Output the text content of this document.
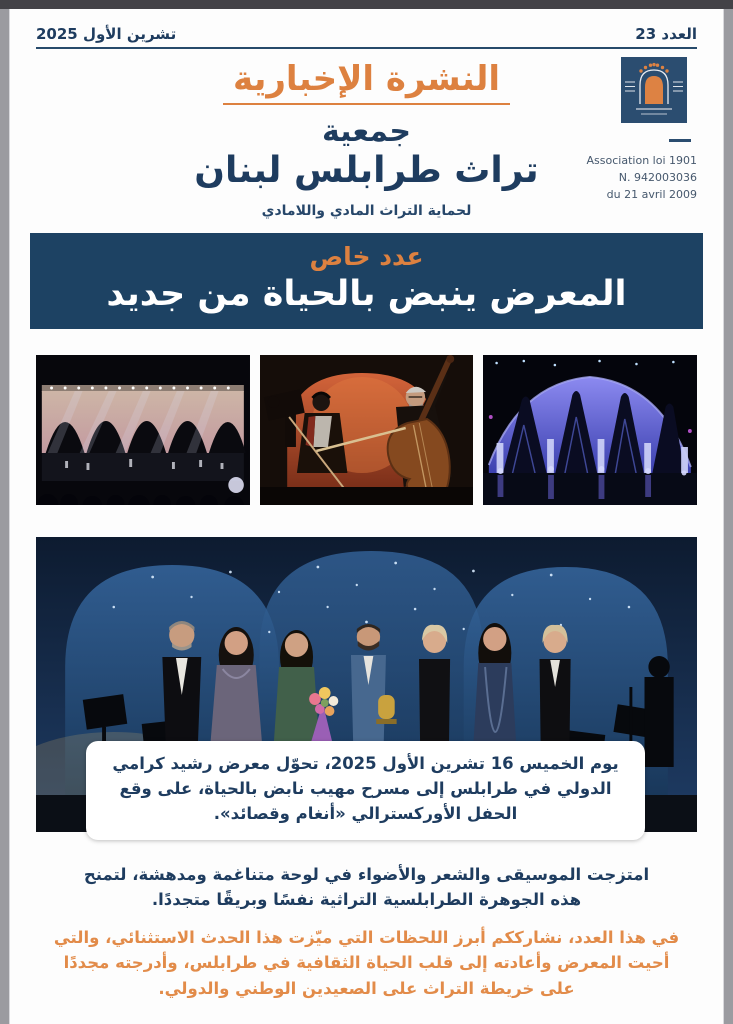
تشرين الأول 2025	العدد 23
النشرة الإخبارية
جمعية
تراث طرابلس لبنان
لحماية التراث المادي واللامادي
Association loi 1901
N. 942003036
du 21 avril 2009
عدد خاص
المعرض ينبض بالحياة من جديد
يوم الخميس 16 تشرين الأول 2025، تحوّل معرض رشيد كرامي الدولي في طرابلس إلى مسرح مهيب نابض بالحياة، على وقع الحفل الأوركسترالي «أنغام وقصائد».

امتزجت الموسيقى والشعر والأضواء في لوحة متناغمة ومدهشة، لتمنح هذه الجوهرة الطرابلسية التراثية نفسًا وبريقًا متجددًا.

في هذا العدد، نشارككم أبرز اللحظات التي ميّزت هذا الحدث الاستثنائي، والتي أحيت المعرض وأعادته إلى قلب الحياة الثقافية في طرابلس، وأدرجته مجددًا على خريطة التراث على الصعيدين الوطني والدولي.
